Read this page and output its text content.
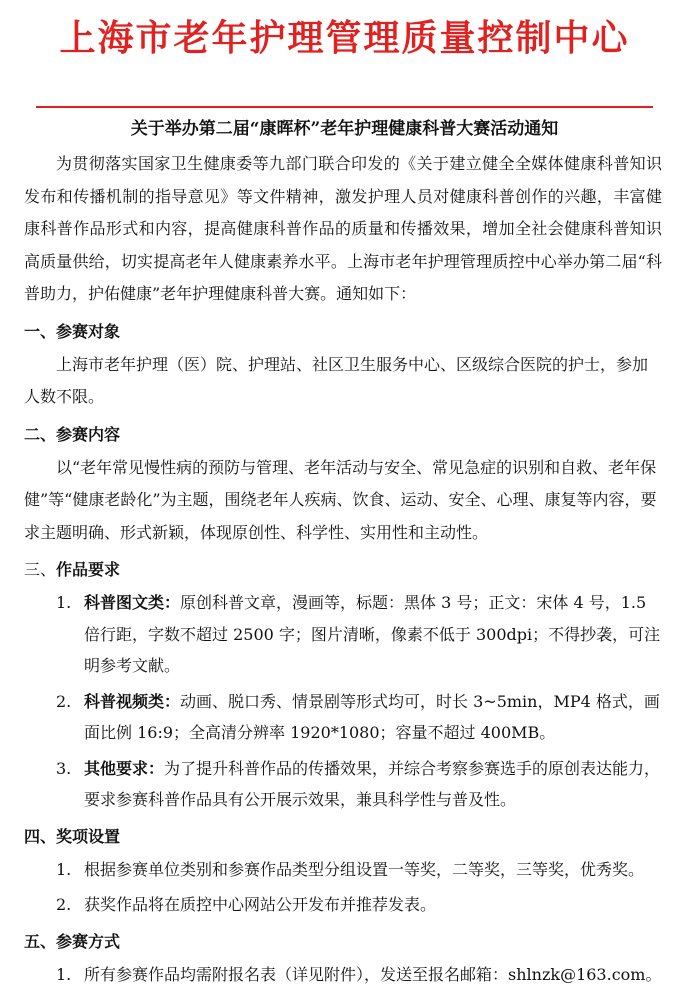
上海市老年护理管理质量控制中心
关于举办第二届“康晖杯”老年护理健康科普大赛活动通知

为贯彻落实国家卫生健康委等九部门联合印发的《关于建立健全全媒体健康科普知识发布和传播机制的指导意见》等文件精神，激发护理人员对健康科普创作的兴趣，丰富健康科普作品形式和内容，提高健康科普作品的质量和传播效果，增加全社会健康科普知识高质量供给，切实提高老年人健康素养水平。上海市老年护理管理质控中心举办第二届“科普助力，护佑健康”老年护理健康科普大赛。通知如下：

一、参赛对象

上海市老年护理（医）院、护理站、社区卫生服务中心、区级综合医院的护士，参加人数不限。

二、参赛内容

以“老年常见慢性病的预防与管理、老年活动与安全、常见急症的识别和自救、老年保健”等“健康老龄化”为主题，围绕老年人疾病、饮食、运动、安全、心理、康复等内容，要求主题明确、形式新颖，体现原创性、科学性、实用性和主动性。

三、作品要求

1. 科普图文类：原创科普文章，漫画等，标题：黑体 3 号；正文：宋体 4 号，1.5 倍行距，字数不超过 2500 字；图片清晰，像素不低于 300dpi；不得抄袭，可注明参考文献。
2. 科普视频类：动画、脱口秀、情景剧等形式均可，时长 3~5min，MP4 格式，画面比例 16:9；全高清分辨率 1920*1080；容量不超过 400MB。
3. 其他要求：为了提升科普作品的传播效果，并综合考察参赛选手的原创表达能力，要求参赛科普作品具有公开展示效果，兼具科学性与普及性。

四、奖项设置

1. 根据参赛单位类别和参赛作品类型分组设置一等奖，二等奖，三等奖，优秀奖。
2. 获奖作品将在质控中心网站公开发布并推荐发表。

五、参赛方式

1. 所有参赛作品均需附报名表（详见附件），发送至报名邮箱：shlnzk@163.com。
